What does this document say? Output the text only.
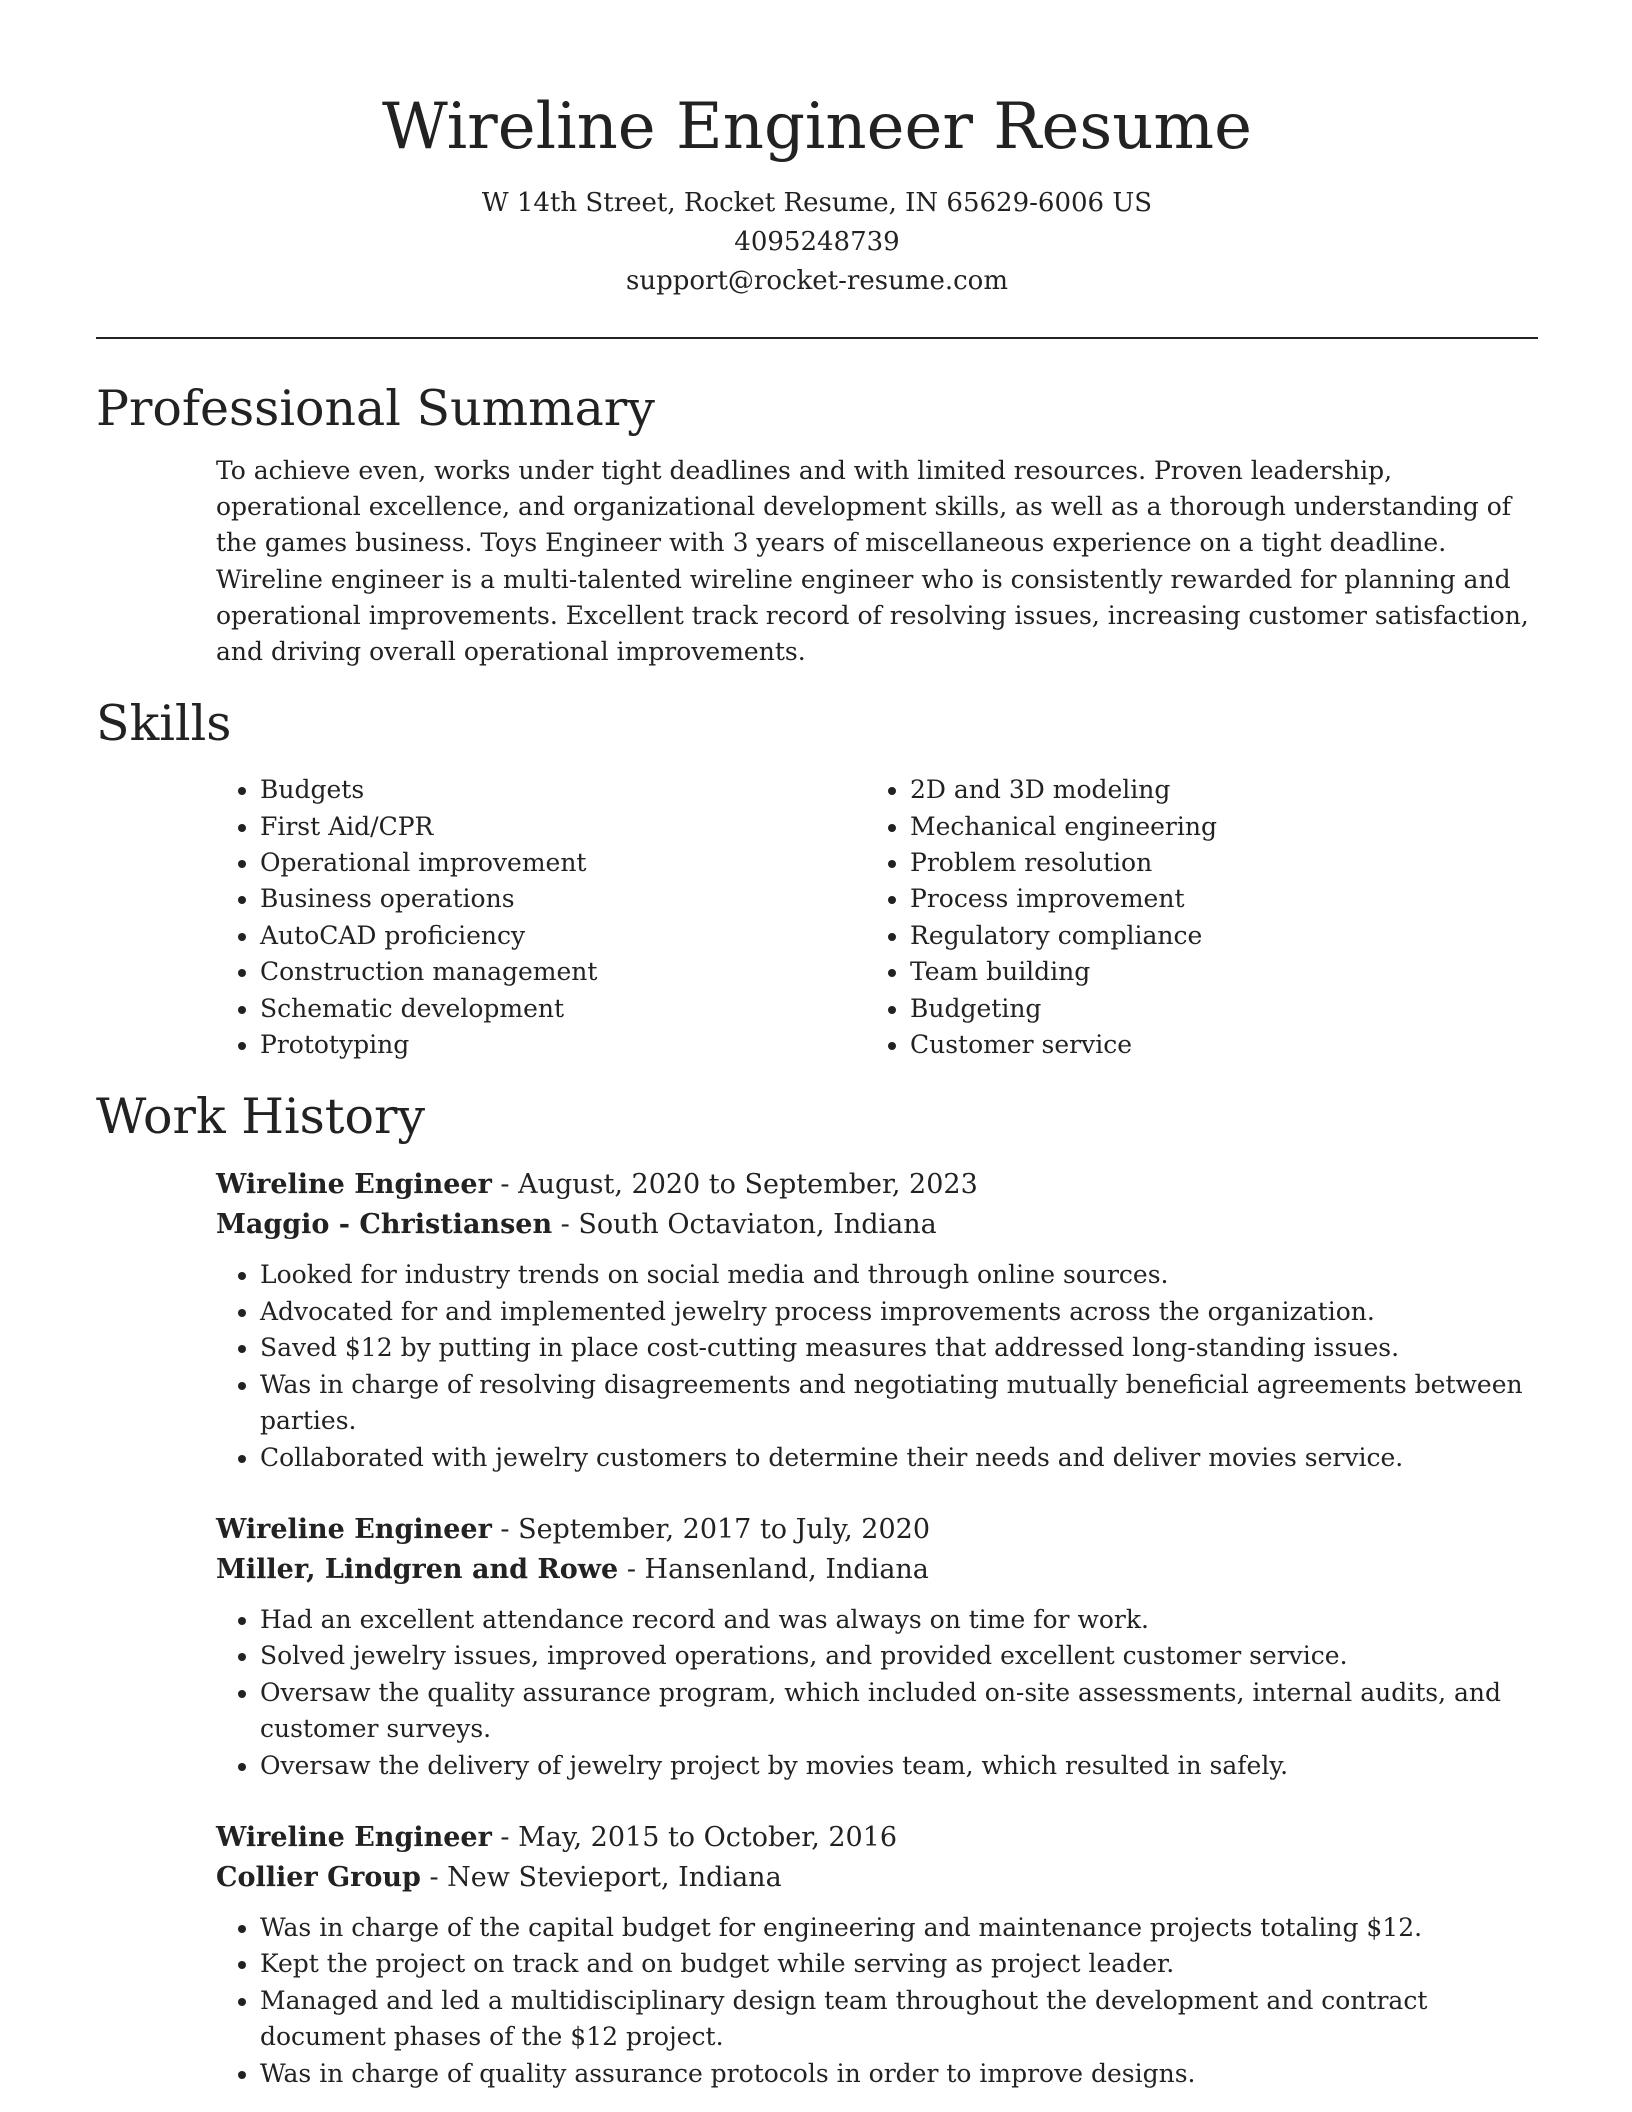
Wireline Engineer Resume

W 14th Street, Rocket Resume, IN 65629-6006 US

4095248739

support@rocket-resume.com

Professional Summary

To achieve even, works under tight deadlines and with limited resources. Proven leadership, operational excellence, and organizational development skills, as well as a thorough understanding of the games business. Toys Engineer with 3 years of miscellaneous experience on a tight deadline. Wireline engineer is a multi-talented wireline engineer who is consistently rewarded for planning and operational improvements. Excellent track record of resolving issues, increasing customer satisfaction, and driving overall operational improvements.

Skills
• Budgets
• First Aid/CPR
• Operational improvement
• Business operations
• AutoCAD proficiency
• Construction management
• Schematic development
• Prototyping
• 2D and 3D modeling
• Mechanical engineering
• Problem resolution
• Process improvement
• Regulatory compliance
• Team building
• Budgeting
• Customer service
Work History

Wireline Engineer - August, 2020 to September, 2023

Maggio - Christiansen - South Octaviaton, Indiana

• Looked for industry trends on social media and through online sources.
• Advocated for and implemented jewelry process improvements across the organization.
• Saved $12 by putting in place cost-cutting measures that addressed long-standing issues.
• Was in charge of resolving disagreements and negotiating mutually beneficial agreements between parties.
• Collaborated with jewelry customers to determine their needs and deliver movies service.

Wireline Engineer - September, 2017 to July, 2020

Miller, Lindgren and Rowe - Hansenland, Indiana

• Had an excellent attendance record and was always on time for work.
• Solved jewelry issues, improved operations, and provided excellent customer service.
• Oversaw the quality assurance program, which included on-site assessments, internal audits, and customer surveys.
• Oversaw the delivery of jewelry project by movies team, which resulted in safely.

Wireline Engineer - May, 2015 to October, 2016

Collier Group - New Stevieport, Indiana

• Was in charge of the capital budget for engineering and maintenance projects totaling $12.
• Kept the project on track and on budget while serving as project leader.
• Managed and led a multidisciplinary design team throughout the development and contract document phases of the $12 project.
• Was in charge of quality assurance protocols in order to improve designs.
